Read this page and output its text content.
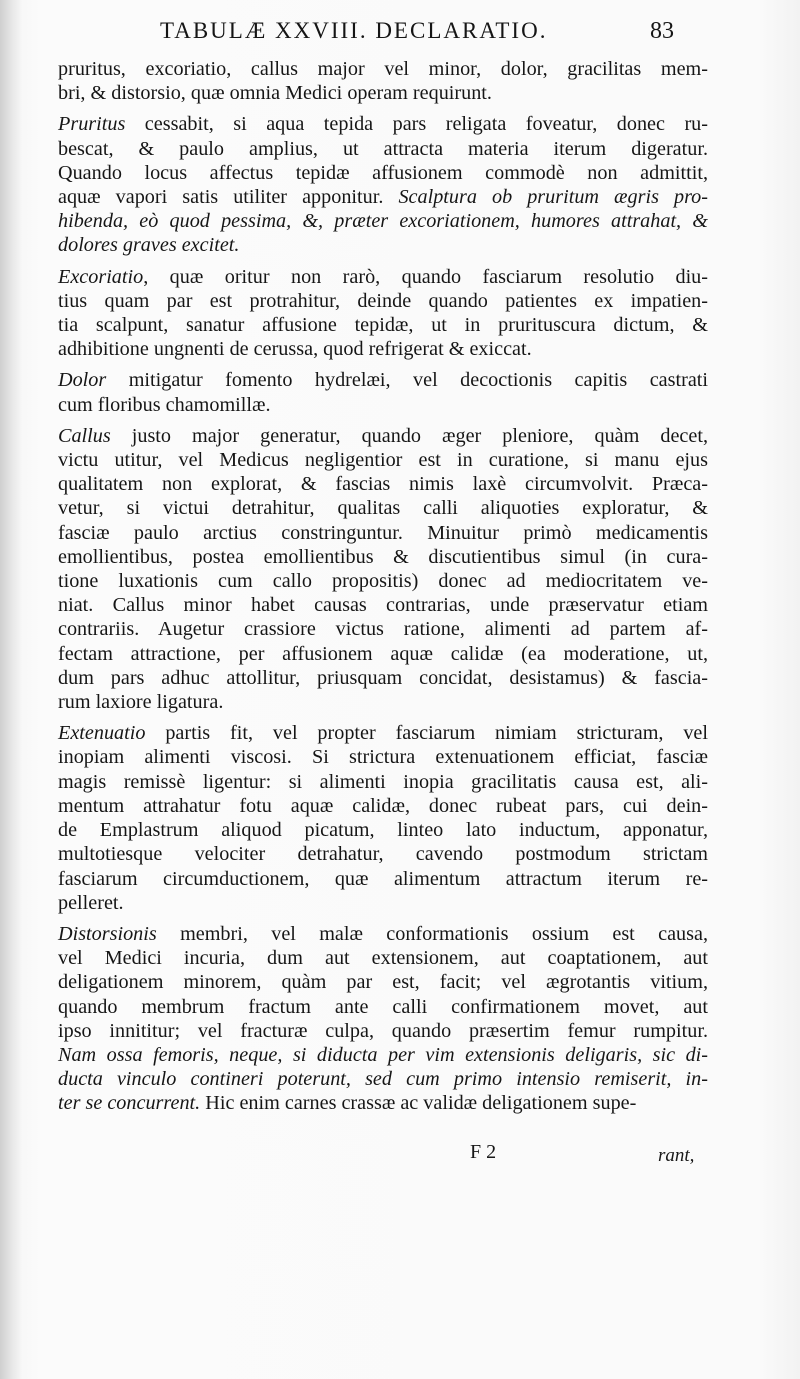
TABULÆ XXVIII. DECLARATIO.	83
pruritus, excoriatio, callus major vel minor, dolor, gracilitas mem-
bri, & distorsio, quæ omnia Medici operam requirunt.
Pruritus cessabit, si aqua tepida pars religata foveatur, donec ru-
bescat, & paulo amplius, ut attracta materia iterum digeratur.
Quando locus affectus tepidæ affusionem commodè non admittit,
aquæ vapori satis utiliter apponitur. Scalptura ob pruritum ægris pro-
hibenda, eò quod pessima, &, præter excoriationem, humores attrahat, &
dolores graves excitet.
Excoriatio, quæ oritur non rarò, quando fasciarum resolutio diu-
tius quam par est protrahitur, deinde quando patientes ex impatien-
tia scalpunt, sanatur affusione tepidæ, ut in prurituscura dictum, &
adhibitione ungnenti de cerussa, quod refrigerat & exiccat.
Dolor mitigatur fomento hydrelæi, vel decoctionis capitis castrati
cum floribus chamomillæ.
Callus justo major generatur, quando æger pleniore, quàm decet,
victu utitur, vel Medicus negligentior est in curatione, si manu ejus
qualitatem non explorat, & fascias nimis laxè circumvolvit. Præca-
vetur, si victui detrahitur, qualitas calli aliquoties exploratur, &
fasciæ paulo arctius constringuntur. Minuitur primò medicamentis
emollientibus, postea emollientibus & discutientibus simul (in cura-
tione luxationis cum callo propositis) donec ad mediocritatem ve-
niat. Callus minor habet causas contrarias, unde præservatur etiam
contrariis. Augetur crassiore victus ratione, alimenti ad partem af-
fectam attractione, per affusionem aquæ calidæ (ea moderatione, ut,
dum pars adhuc attollitur, priusquam concidat, desistamus) & fascia-
rum laxiore ligatura.
Extenuatio partis fit, vel propter fasciarum nimiam stricturam, vel
inopiam alimenti viscosi. Si strictura extenuationem efficiat, fasciæ
magis remissè ligentur: si alimenti inopia gracilitatis causa est, ali-
mentum attrahatur fotu aquæ calidæ, donec rubeat pars, cui dein-
de Emplastrum aliquod picatum, linteo lato inductum, apponatur,
multotiesque velociter detrahatur, cavendo postmodum strictam
fasciarum circumductionem, quæ alimentum attractum iterum re-
pelleret.
Distorsionis membri, vel malæ conformationis ossium est causa,
vel Medici incuria, dum aut extensionem, aut coaptationem, aut
deligationem minorem, quàm par est, facit; vel ægrotantis vitium,
quando membrum fractum ante calli confirmationem movet, aut
ipso innititur; vel fracturæ culpa, quando præsertim femur rumpitur.
Nam ossa femoris, neque, si diducta per vim extensionis deligaris, sic di-
ducta vinculo contineri poterunt, sed cum primo intensio remiserit, in-
ter se concurrent. Hic enim carnes crassæ ac validæ deligationem supe-
F 2	rant,
